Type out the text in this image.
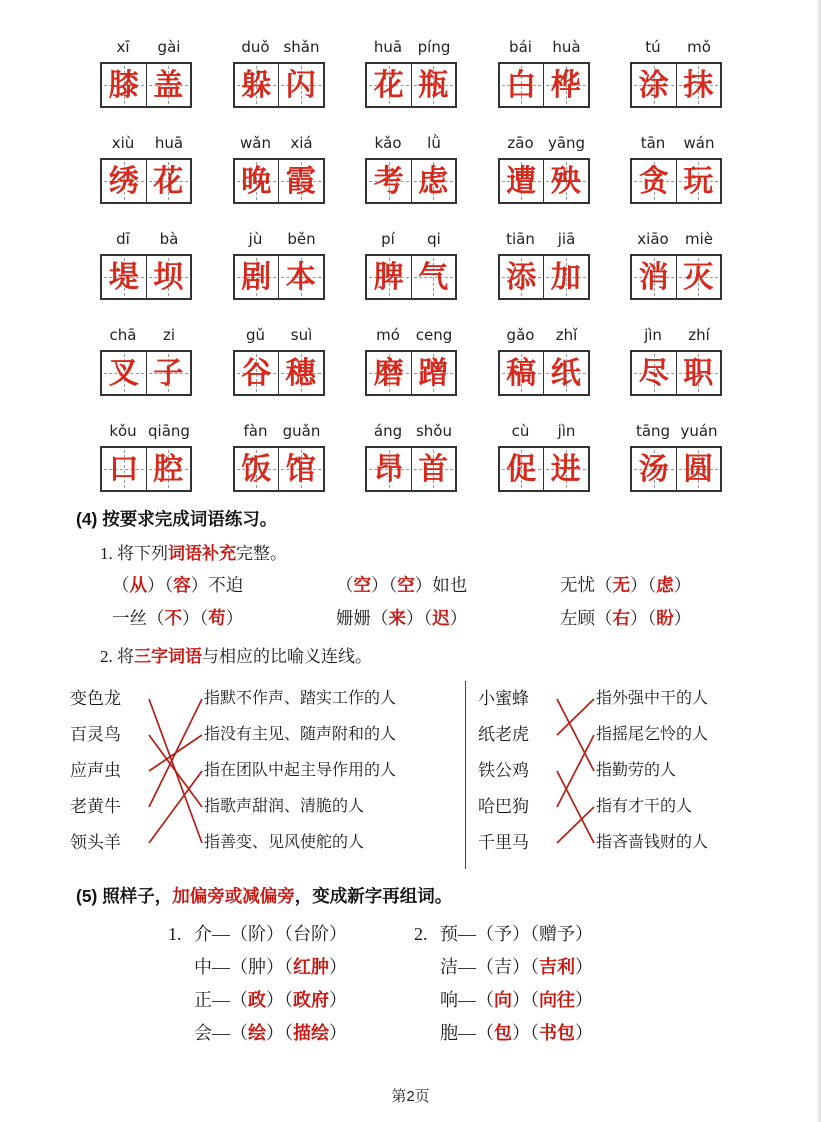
xī	gài
膝 盖
duǒ shǎn
躲 闪
huā	píng
花 瓶
bái	huà
白 桦
tú	mǒ
涂 抹
xiù	huā
绣 花
wǎn	xiá
晚 霞
kǎo	lǜ
考 虑
zāo yāng
遭 殃
tān	wán
贪 玩
dī	bà
堤 坝
jù	běn
剧 本
pí	qi
脾 气
tiān	jiā
添 加
xiāo	miè
消 灭
chā	zi
叉 子
gǔ	suì
谷 穗
mó	ceng
磨 蹭
gǎo	zhǐ
稿 纸
jìn	zhí
尽 职
kǒu qiāng
口 腔
fàn	guǎn
饭 馆
áng shǒu
昂 首
cù	jìn
促 进
tāng yuán
汤 圆
(4) 按要求完成词语练习。
1. 将下列词语补充完整。
（从）（容）不迫	（空）（空）如也	无忧（无）（虑）
一丝（不）（苟）	姗姗（来）（迟）	左顾（右）（盼）
2. 将三字词语与相应的比喻义连线。
变色龙
百灵鸟
应声虫
老黄牛
领头羊
指默不作声、踏实工作的人
指没有主见、随声附和的人
指在团队中起主导作用的人
指歌声甜润、清脆的人
指善变、见风使舵的人
小蜜蜂
纸老虎
铁公鸡
哈巴狗
千里马
指外强中干的人
指摇尾乞怜的人
指勤劳的人
指有才干的人
指吝啬钱财的人
(5) 照样子，加偏旁或减偏旁，变成新字再组词。
1. 介—（阶）（台阶）
中—（肿）（红肿）
正—（政）（政府）
会—（绘）（描绘）
2. 预—（予）（赠予）
洁—（吉）（吉利）
响—（向）（向往）
胞—（包）（书包）
第2页
